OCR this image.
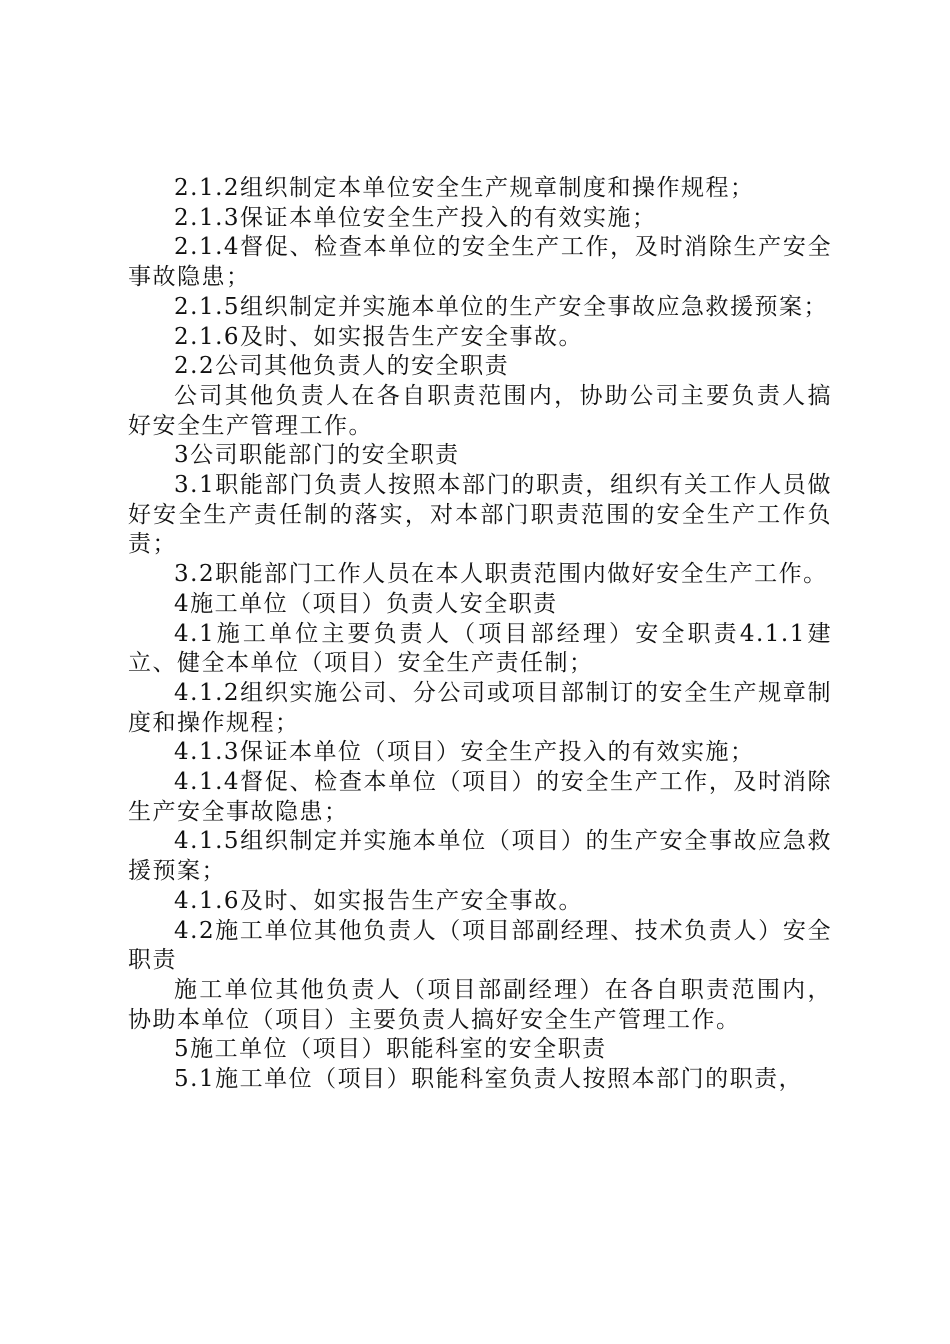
2.1.2组织制定本单位安全生产规章制度和操作规程；

2.1.3保证本单位安全生产投入的有效实施；

2.1.4督促、检查本单位的安全生产工作，及时消除生产安全事故隐患；

2.1.5组织制定并实施本单位的生产安全事故应急救援预案；

2.1.6及时、如实报告生产安全事故。

2.2公司其他负责人的安全职责

公司其他负责人在各自职责范围内，协助公司主要负责人搞好安全生产管理工作。

3公司职能部门的安全职责

3.1职能部门负责人按照本部门的职责，组织有关工作人员做好安全生产责任制的落实，对本部门职责范围的安全生产工作负责；

3.2职能部门工作人员在本人职责范围内做好安全生产工作。

4施工单位（项目）负责人安全职责

4.1施工单位主要负责人（项目部经理）安全职责4.1.1建立、健全本单位（项目）安全生产责任制；

4.1.2组织实施公司、分公司或项目部制订的安全生产规章制度和操作规程；

4.1.3保证本单位（项目）安全生产投入的有效实施；

4.1.4督促、检查本单位（项目）的安全生产工作，及时消除生产安全事故隐患；

4.1.5组织制定并实施本单位（项目）的生产安全事故应急救援预案；

4.1.6及时、如实报告生产安全事故。

4.2施工单位其他负责人（项目部副经理、技术负责人）安全职责

施工单位其他负责人（项目部副经理）在各自职责范围内，协助本单位（项目）主要负责人搞好安全生产管理工作。

5施工单位（项目）职能科室的安全职责

5.1施工单位（项目）职能科室负责人按照本部门的职责，
